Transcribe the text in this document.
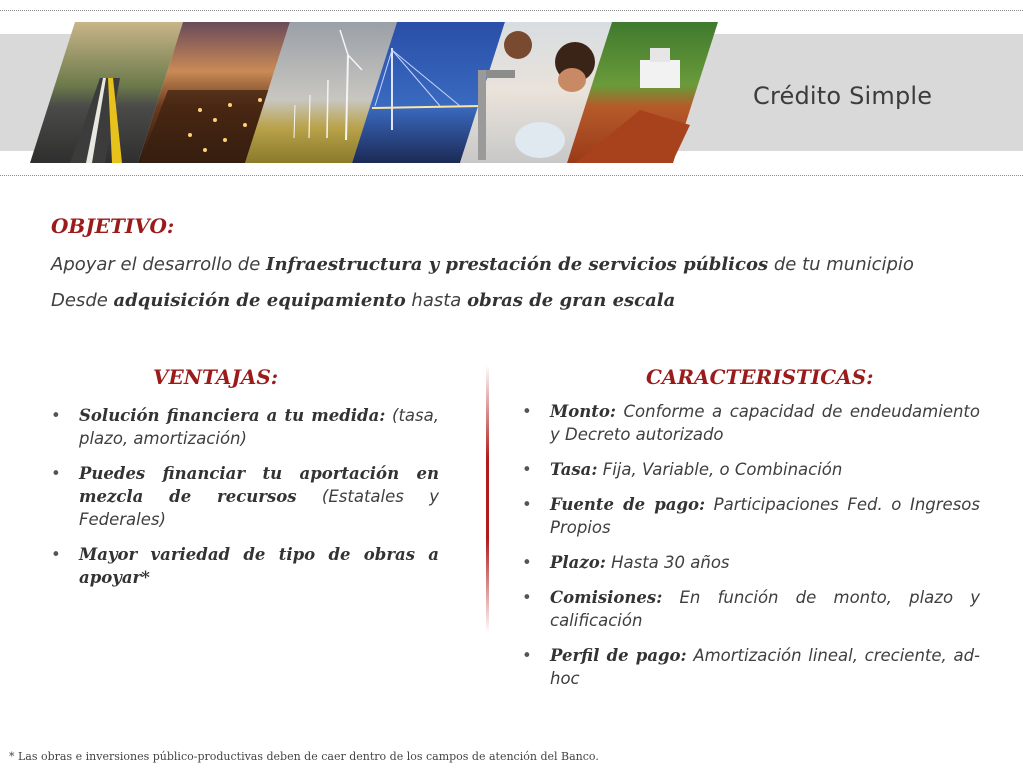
Crédito Simple
OBJETIVO:
Apoyar el desarrollo de Infraestructura y prestación de servicios públicos de tu municipio
Desde adquisición de equipamiento hasta obras de gran escala
VENTAJAS:	CARACTERISTICAS:
• Solución financiera a tu medida: (tasa, plazo, amortización)
• Puedes financiar tu aportación en mezcla de recursos (Estatales y Federales)
• Mayor variedad de tipo de obras a apoyar*
• Monto: Conforme a capacidad de endeudamiento y Decreto autorizado
• Tasa: Fija, Variable, o Combinación
• Fuente de pago: Participaciones Fed. o Ingresos Propios
• Plazo: Hasta 30 años
• Comisiones: En función de monto, plazo y calificación
• Perfil de pago: Amortización lineal, creciente, ad-hoc
* Las obras e inversiones público-productivas deben de caer dentro de los campos de atención del Banco.
